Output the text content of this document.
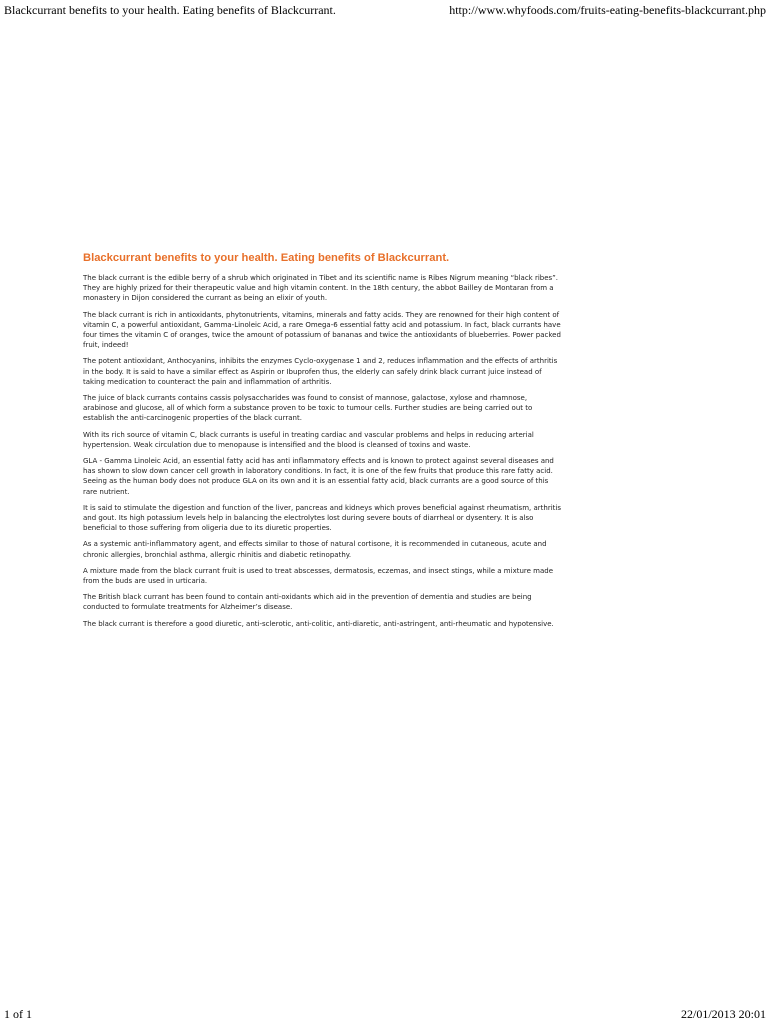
Blackcurrant benefits to your health. Eating benefits of Blackcurrant.	http://www.whyfoods.com/fruits-eating-benefits-blackcurrant.php
Blackcurrant benefits to your health. Eating benefits of Blackcurrant.

The black currant is the edible berry of a shrub which originated in Tibet and its scientific name is Ribes Nigrum meaning “black ribes”. They are highly prized for their therapeutic value and high vitamin content. In the 18th century, the abbot Bailley de Montaran from a monastery in Dijon considered the currant as being an elixir of youth.

The black currant is rich in antioxidants, phytonutrients, vitamins, minerals and fatty acids. They are renowned for their high content of vitamin C, a powerful antioxidant, Gamma-Linoleic Acid, a rare Omega-6 essential fatty acid and potassium. In fact, black currants have four times the vitamin C of oranges, twice the amount of potassium of bananas and twice the antioxidants of blueberries. Power packed fruit, indeed!

The potent antioxidant, Anthocyanins, inhibits the enzymes Cyclo-oxygenase 1 and 2, reduces inflammation and the effects of arthritis in the body. It is said to have a similar effect as Aspirin or Ibuprofen thus, the elderly can safely drink black currant juice instead of taking medication to counteract the pain and inflammation of arthritis.

The juice of black currants contains cassis polysaccharides was found to consist of mannose, galactose, xylose and rhamnose, arabinose and glucose, all of which form a substance proven to be toxic to tumour cells. Further studies are being carried out to establish the anti-carcinogenic properties of the black currant.

With its rich source of vitamin C, black currants is useful in treating cardiac and vascular problems and helps in reducing arterial hypertension. Weak circulation due to menopause is intensified and the blood is cleansed of toxins and waste.

GLA - Gamma Linoleic Acid, an essential fatty acid has anti inflammatory effects and is known to protect against several diseases and has shown to slow down cancer cell growth in laboratory conditions. In fact, it is one of the few fruits that produce this rare fatty acid. Seeing as the human body does not produce GLA on its own and it is an essential fatty acid, black currants are a good source of this rare nutrient.

It is said to stimulate the digestion and function of the liver, pancreas and kidneys which proves beneficial against rheumatism, arthritis and gout. Its high potassium levels help in balancing the electrolytes lost during severe bouts of diarrheal or dysentery. It is also beneficial to those suffering from oligeria due to its diuretic properties.

As a systemic anti-inflammatory agent, and effects similar to those of natural cortisone, it is recommended in cutaneous, acute and chronic allergies, bronchial asthma, allergic rhinitis and diabetic retinopathy.

A mixture made from the black currant fruit is used to treat abscesses, dermatosis, eczemas, and insect stings, while a mixture made from the buds are used in urticaria.

The British black currant has been found to contain anti-oxidants which aid in the prevention of dementia and studies are being conducted to formulate treatments for Alzheimer’s disease.

The black currant is therefore a good diuretic, anti-sclerotic, anti-colitic, anti-diaretic, anti-astringent, anti-rheumatic and hypotensive.

1 of 1	22/01/2013 20:01
